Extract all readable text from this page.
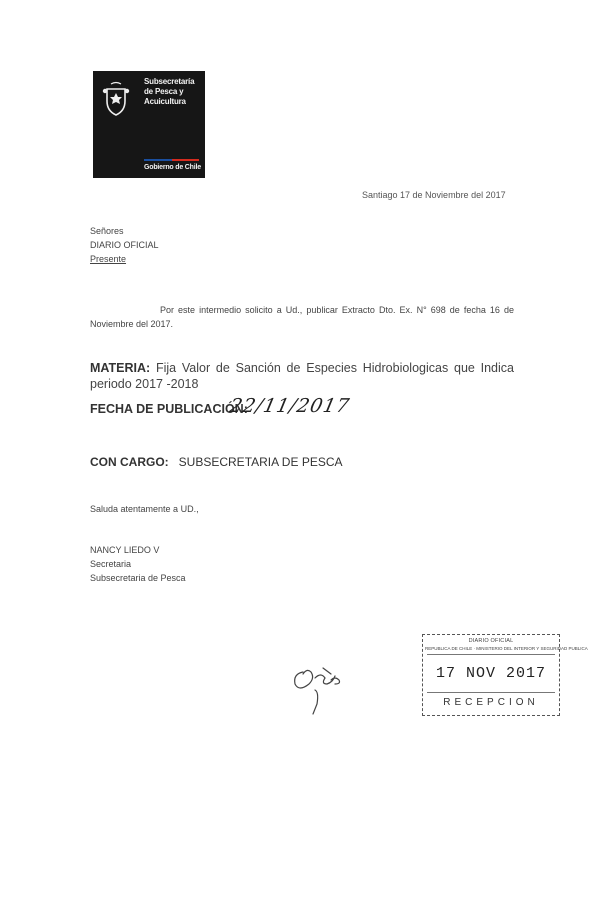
Subsecretaría
de Pesca y
Acuicultura
Gobierno de Chile
Santiago 17 de Noviembre del 2017
Señores
DIARIO OFICIAL
Presente
Por este intermedio solicito a Ud., publicar Extracto Dto. Ex. N° 698 de fecha 16 de Noviembre del 2017.
MATERIA: Fija Valor de Sanción de Especies Hidrobiologicas que Indica periodo 2017 -2018
FECHA DE PUBLICACIÓN:
22/11/2017
CON CARGO: SUBSECRETARIA DE PESCA
Saluda atentamente a UD.,
NANCY LIEDO V
Secretaria
Subsecretaria de Pesca
DIARIO OFICIAL
REPUBLICA DE CHILE · MINISTERIO DEL INTERIOR Y SEGURIDAD PUBLICA
17 NOV 2017
RECEPCION
